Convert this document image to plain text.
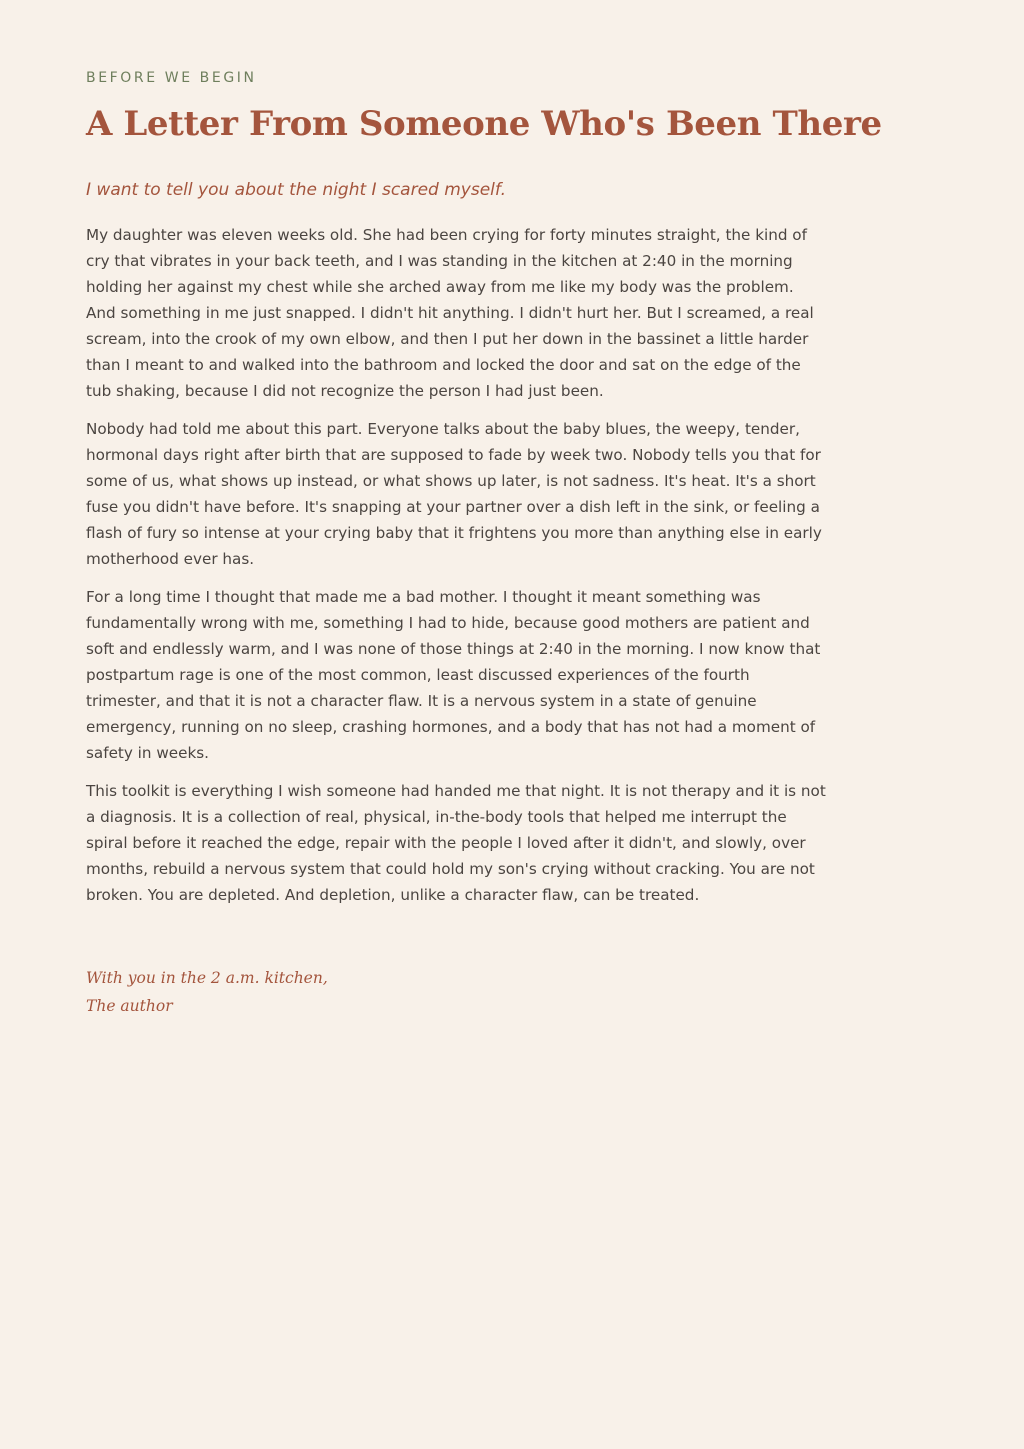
BEFORE WE BEGIN
A Letter From Someone Who's Been There

I want to tell you about the night I scared myself.

My daughter was eleven weeks old. She had been crying for forty minutes straight, the kind of
cry that vibrates in your back teeth, and I was standing in the kitchen at 2:40 in the morning
holding her against my chest while she arched away from me like my body was the problem.
And something in me just snapped. I didn't hit anything. I didn't hurt her. But I screamed, a real
scream, into the crook of my own elbow, and then I put her down in the bassinet a little harder
than I meant to and walked into the bathroom and locked the door and sat on the edge of the
tub shaking, because I did not recognize the person I had just been.

Nobody had told me about this part. Everyone talks about the baby blues, the weepy, tender,
hormonal days right after birth that are supposed to fade by week two. Nobody tells you that for
some of us, what shows up instead, or what shows up later, is not sadness. It's heat. It's a short
fuse you didn't have before. It's snapping at your partner over a dish left in the sink, or feeling a
flash of fury so intense at your crying baby that it frightens you more than anything else in early
motherhood ever has.

For a long time I thought that made me a bad mother. I thought it meant something was
fundamentally wrong with me, something I had to hide, because good mothers are patient and
soft and endlessly warm, and I was none of those things at 2:40 in the morning. I now know that
postpartum rage is one of the most common, least discussed experiences of the fourth
trimester, and that it is not a character flaw. It is a nervous system in a state of genuine
emergency, running on no sleep, crashing hormones, and a body that has not had a moment of
safety in weeks.

This toolkit is everything I wish someone had handed me that night. It is not therapy and it is not
a diagnosis. It is a collection of real, physical, in-the-body tools that helped me interrupt the
spiral before it reached the edge, repair with the people I loved after it didn't, and slowly, over
months, rebuild a nervous system that could hold my son's crying without cracking. You are not
broken. You are depleted. And depletion, unlike a character flaw, can be treated.

With you in the 2 a.m. kitchen,
The author
